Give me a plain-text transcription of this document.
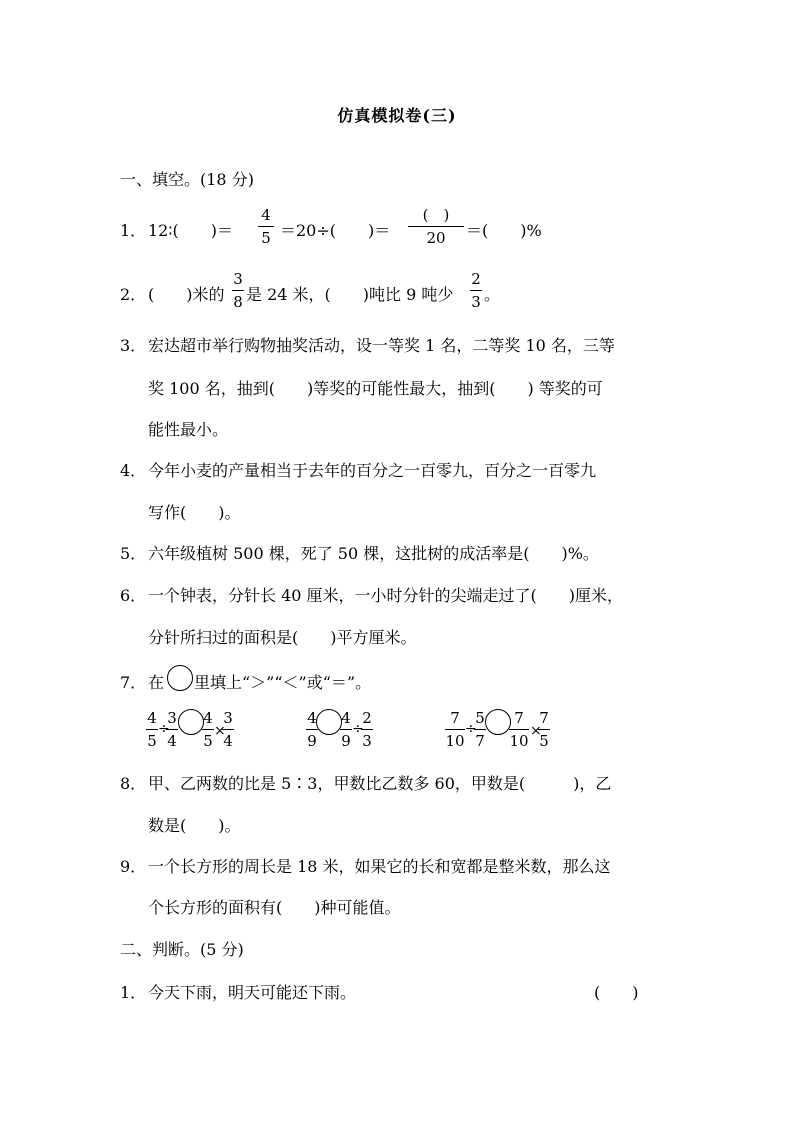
仿真模拟卷(三)
一、填空。(18 分)
1． 12∶(　　)＝
4
5 ＝20÷(　　)＝
(　)
20	＝(　　)%
2． (　　)米的
3
8 是 24 米，(　　)吨比 9 吨少
2
3 。
3． 宏达超市举行购物抽奖活动，设一等奖 1 名，二等奖 10 名，三等
奖 100 名，抽到(　　)等奖的可能性最大，抽到(　　) 等奖的可
能性最小。
4． 今年小麦的产量相当于去年的百分之一百零九，百分之一百零九
写作(　　)。
5． 六年级植树 500 棵，死了 50 棵，这批树的成活率是(　　)%。
6． 一个钟表，分针长 40 厘米，一小时分针的尖端走过了(　　)厘米，
分针所扫过的面积是(　　)平方厘米。
7． 在 里填上“＞”“＜”或“＝”。
4
5
÷
3
4
4
5
×
3
4
4
9
4
9
÷
2
3
7
10
÷
5
7
7
10
×
7
5
8． 甲、乙两数的比是 5∶3，甲数比乙数多 60，甲数是(　　　)，乙
数是(　　)。
9． 一个长方形的周长是 18 米，如果它的长和宽都是整米数，那么这
个长方形的面积有(　　)种可能值。
二、判断。(5 分)
1． 今天下雨，明天可能还下雨。	(　　)
